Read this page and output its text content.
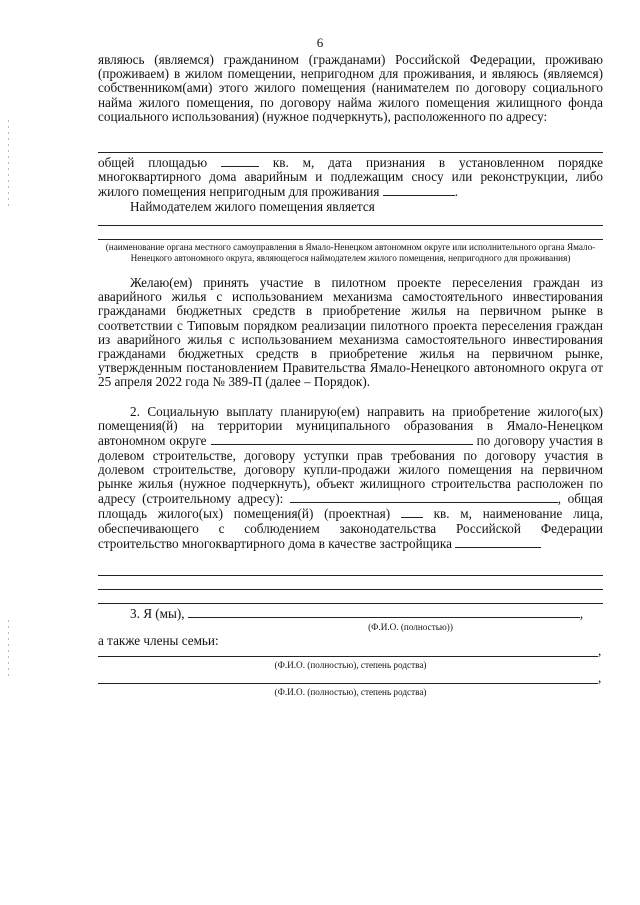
6

являюсь (являемся) гражданином (гражданами) Российской Федерации, проживаю (проживаем) в жилом помещении, непригодном для проживания, и являюсь (являемся) собственником(ами) этого жилого помещения (нанимателем по договору социального найма жилого помещения, по договору найма жилого помещения жилищного фонда социального использования) (нужное подчеркнуть), расположенного по адресу:

общей площадью	кв. м, дата признания в установленном порядке многоквартирного дома аварийным и подлежащим сносу или реконструкции, либо жилого помещения непригодным для проживания	.

Наймодателем жилого помещения является

(наименование органа местного самоуправления в Ямало-Ненецком автономном округе или исполнительного органа Ямало-Ненецкого автономного округа, являющегося наймодателем жилого помещения, непригодного для проживания)

Желаю(ем) принять участие в пилотном проекте переселения граждан из аварийного жилья с использованием механизма самостоятельного инвестирования гражданами бюджетных средств в приобретение жилья на первичном рынке в соответствии с Типовым порядком реализации пилотного проекта переселения граждан из аварийного жилья с использованием механизма самостоятельного инвестирования гражданами бюджетных средств в приобретение жилья на первичном рынке, утвержденным постановлением Правительства Ямало-Ненецкого автономного округа от 25 апреля 2022 года № 389-П (далее – Порядок).

2. Социальную выплату планирую(ем) направить на приобретение жилого(ых) помещения(й) на территории муниципального образования в Ямало-Ненецком автономном округе	по договору участия в долевом строительстве, договору уступки прав требования по договору участия в долевом строительстве, договору купли-продажи жилого помещения на первичном рынке жилья (нужное подчеркнуть), объект жилищного строительства расположен по адресу (строительному адресу):	, общая площадь жилого(ых) помещения(й) (проектная)	кв. м, наименование лица, обеспечивающего с соблюдением законодательства Российской Федерации строительство многоквартирного дома в качестве застройщика

3. Я (мы),	,

(Ф.И.О. (полностью))

а также члены семьи:

,

(Ф.И.О. (полностью), степень родства)

,

(Ф.И.О. (полностью), степень родства)
